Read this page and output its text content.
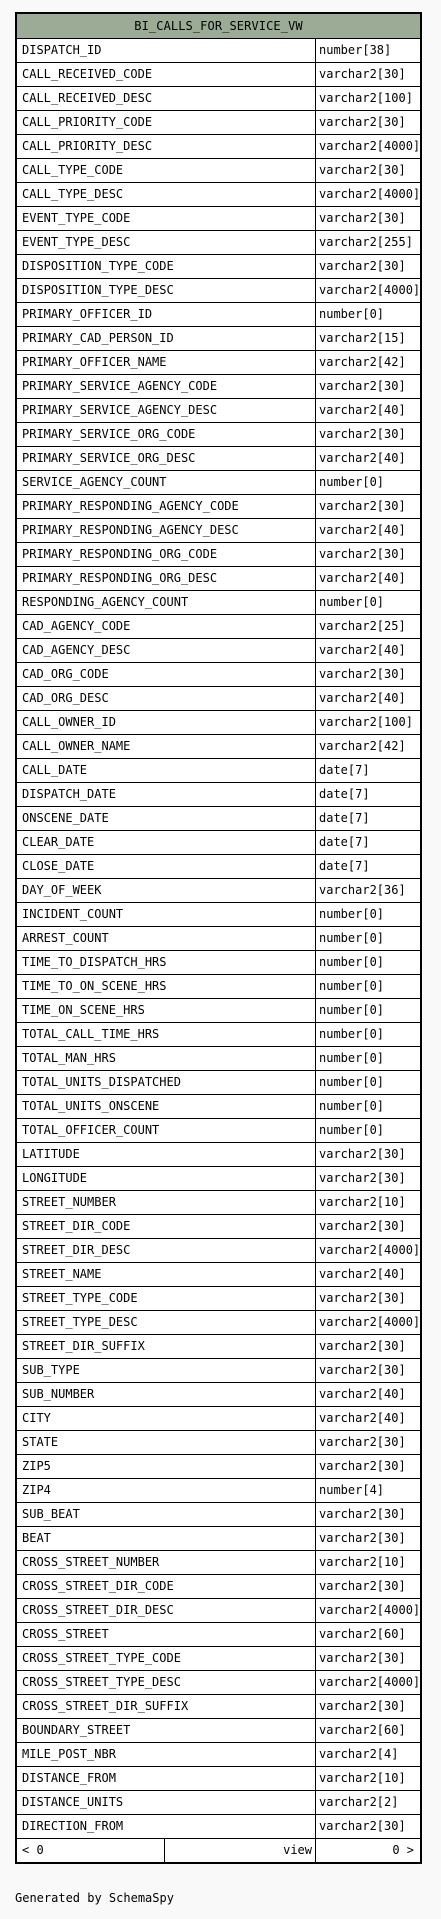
BI_CALLS_FOR_SERVICE_VW
DISPATCH_ID	number[38]
CALL_RECEIVED_CODE	varchar2[30]
CALL_RECEIVED_DESC	varchar2[100]
CALL_PRIORITY_CODE	varchar2[30]
CALL_PRIORITY_DESC	varchar2[4000]
CALL_TYPE_CODE	varchar2[30]
CALL_TYPE_DESC	varchar2[4000]
EVENT_TYPE_CODE	varchar2[30]
EVENT_TYPE_DESC	varchar2[255]
DISPOSITION_TYPE_CODE	varchar2[30]
DISPOSITION_TYPE_DESC	varchar2[4000]
PRIMARY_OFFICER_ID	number[0]
PRIMARY_CAD_PERSON_ID	varchar2[15]
PRIMARY_OFFICER_NAME	varchar2[42]
PRIMARY_SERVICE_AGENCY_CODE	varchar2[30]
PRIMARY_SERVICE_AGENCY_DESC	varchar2[40]
PRIMARY_SERVICE_ORG_CODE	varchar2[30]
PRIMARY_SERVICE_ORG_DESC	varchar2[40]
SERVICE_AGENCY_COUNT	number[0]
PRIMARY_RESPONDING_AGENCY_CODE	varchar2[30]
PRIMARY_RESPONDING_AGENCY_DESC	varchar2[40]
PRIMARY_RESPONDING_ORG_CODE	varchar2[30]
PRIMARY_RESPONDING_ORG_DESC	varchar2[40]
RESPONDING_AGENCY_COUNT	number[0]
CAD_AGENCY_CODE	varchar2[25]
CAD_AGENCY_DESC	varchar2[40]
CAD_ORG_CODE	varchar2[30]
CAD_ORG_DESC	varchar2[40]
CALL_OWNER_ID	varchar2[100]
CALL_OWNER_NAME	varchar2[42]
CALL_DATE	date[7]
DISPATCH_DATE	date[7]
ONSCENE_DATE	date[7]
CLEAR_DATE	date[7]
CLOSE_DATE	date[7]
DAY_OF_WEEK	varchar2[36]
INCIDENT_COUNT	number[0]
ARREST_COUNT	number[0]
TIME_TO_DISPATCH_HRS	number[0]
TIME_TO_ON_SCENE_HRS	number[0]
TIME_ON_SCENE_HRS	number[0]
TOTAL_CALL_TIME_HRS	number[0]
TOTAL_MAN_HRS	number[0]
TOTAL_UNITS_DISPATCHED	number[0]
TOTAL_UNITS_ONSCENE	number[0]
TOTAL_OFFICER_COUNT	number[0]
LATITUDE	varchar2[30]
LONGITUDE	varchar2[30]
STREET_NUMBER	varchar2[10]
STREET_DIR_CODE	varchar2[30]
STREET_DIR_DESC	varchar2[4000]
STREET_NAME	varchar2[40]
STREET_TYPE_CODE	varchar2[30]
STREET_TYPE_DESC	varchar2[4000]
STREET_DIR_SUFFIX	varchar2[30]
SUB_TYPE	varchar2[30]
SUB_NUMBER	varchar2[40]
CITY	varchar2[40]
STATE	varchar2[30]
ZIP5	varchar2[30]
ZIP4	number[4]
SUB_BEAT	varchar2[30]
BEAT	varchar2[30]
CROSS_STREET_NUMBER	varchar2[10]
CROSS_STREET_DIR_CODE	varchar2[30]
CROSS_STREET_DIR_DESC	varchar2[4000]
CROSS_STREET	varchar2[60]
CROSS_STREET_TYPE_CODE	varchar2[30]
CROSS_STREET_TYPE_DESC	varchar2[4000]
CROSS_STREET_DIR_SUFFIX	varchar2[30]
BOUNDARY_STREET	varchar2[60]
MILE_POST_NBR	varchar2[4]
DISTANCE_FROM	varchar2[10]
DISTANCE_UNITS	varchar2[2]
DIRECTION_FROM	varchar2[30]
< 0	view	0 >
Generated by SchemaSpy
